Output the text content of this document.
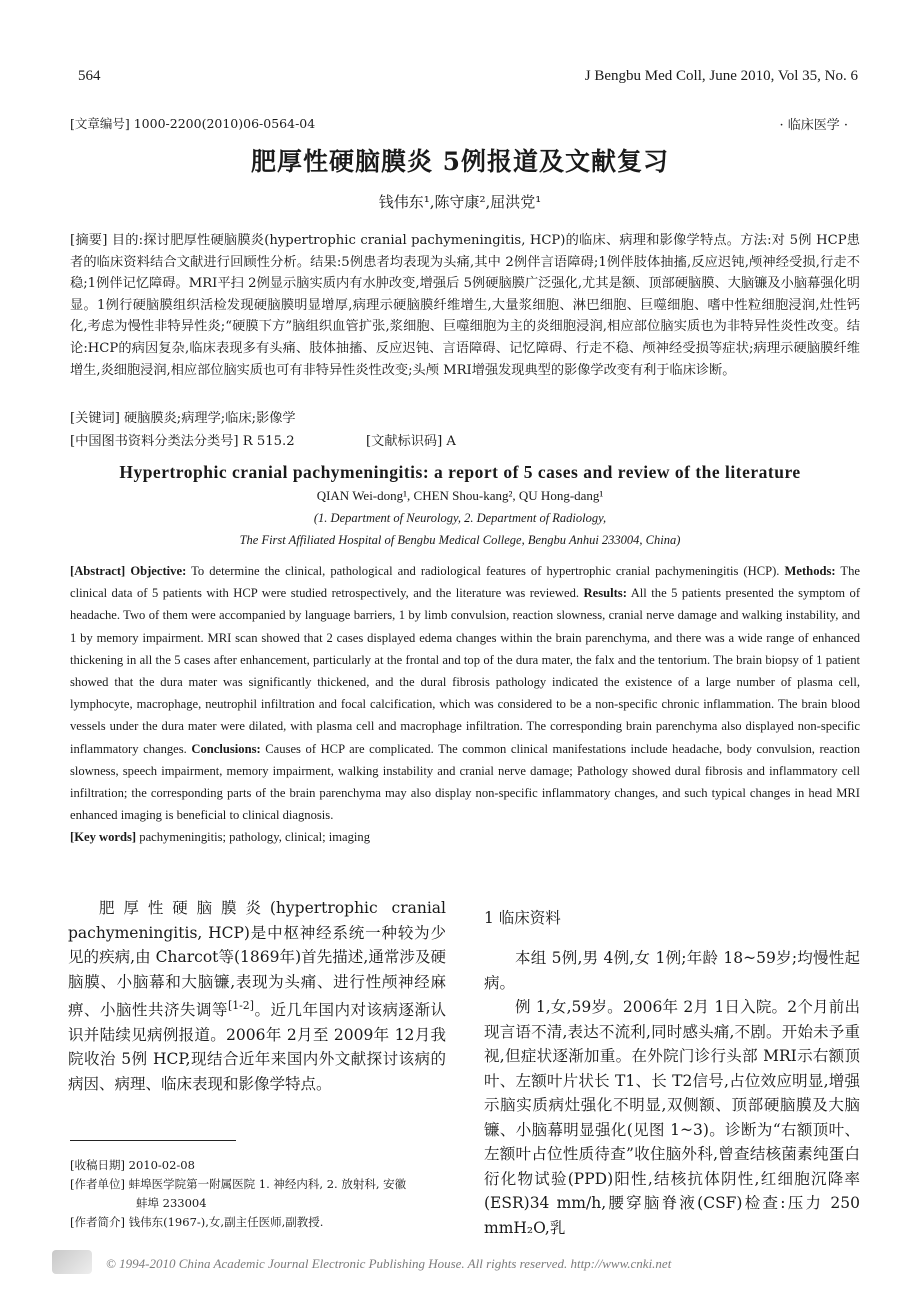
564	J Bengbu Med Coll, June 2010, Vol 35, No. 6
[文章编号] 1000-2200(2010)06-0564-04	· 临床医学 ·
肥厚性硬脑膜炎 5例报道及文献复习
钱伟东¹,陈守康²,屈洪党¹

[摘要] 目的:探讨肥厚性硬脑膜炎(hypertrophic cranial pachymeningitis, HCP)的临床、病理和影像学特点。方法:对 5例 HCP患者的临床资料结合文献进行回顾性分析。结果:5例患者均表现为头痛,其中 2例伴言语障碍;1例伴肢体抽搐,反应迟钝,颅神经受损,行走不稳;1例伴记忆障碍。MRI平扫 2例显示脑实质内有水肿改变,增强后 5例硬脑膜广泛强化,尤其是额、顶部硬脑膜、大脑镰及小脑幕强化明显。1例行硬脑膜组织活检发现硬脑膜明显增厚,病理示硬脑膜纤维增生,大量浆细胞、淋巴细胞、巨噬细胞、嗜中性粒细胞浸润,灶性钙化,考虑为慢性非特异性炎;“硬膜下方”脑组织血管扩张,浆细胞、巨噬细胞为主的炎细胞浸润,相应部位脑实质也为非特异性炎性改变。结论:HCP的病因复杂,临床表现多有头痛、肢体抽搐、反应迟钝、言语障碍、记忆障碍、行走不稳、颅神经受损等症状;病理示硬脑膜纤维增生,炎细胞浸润,相应部位脑实质也可有非特异性炎性改变;头颅 MRI增强发现典型的影像学改变有利于临床诊断。

[关键词] 硬脑膜炎;病理学;临床;影像学
[中国图书资料分类法分类号] R 515.2	[文献标识码] A
Hypertrophic cranial pachymeningitis: a report of 5 cases and review of the literature
QIAN Wei-dong¹, CHEN Shou-kang², QU Hong-dang¹
(1. Department of Neurology, 2. Department of Radiology,
The First Affiliated Hospital of Bengbu Medical College, Bengbu Anhui 233004, China)

[Abstract] Objective: To determine the clinical, pathological and radiological features of hypertrophic cranial pachymeningitis (HCP). Methods: The clinical data of 5 patients with HCP were studied retrospectively, and the literature was reviewed. Results: All the 5 patients presented the symptom of headache. Two of them were accompanied by language barriers, 1 by limb convulsion, reaction slowness, cranial nerve damage and walking instability, and 1 by memory impairment. MRI scan showed that 2 cases displayed edema changes within the brain parenchyma, and there was a wide range of enhanced thickening in all the 5 cases after enhancement, particularly at the frontal and top of the dura mater, the falx and the tentorium. The brain biopsy of 1 patient showed that the dura mater was significantly thickened, and the dural fibrosis pathology indicated the existence of a large number of plasma cell, lymphocyte, macrophage, neutrophil infiltration and focal calcification, which was considered to be a non-specific chronic inflammation. The brain blood vessels under the dura mater were dilated, with plasma cell and macrophage infiltration. The corresponding brain parenchyma also displayed non-specific inflammatory changes. Conclusions: Causes of HCP are complicated. The common clinical manifestations include headache, body convulsion, reaction slowness, speech impairment, memory impairment, walking instability and cranial nerve damage; Pathology showed dural fibrosis and inflammatory cell infiltration; the corresponding parts of the brain parenchyma may also display non-specific inflammatory changes, and such typical changes in head MRI enhanced imaging is beneficial to clinical diagnosis.

[Key words] pachymeningitis; pathology, clinical; imaging

肥厚性硬脑膜炎(hypertrophic cranial pachymeningitis, HCP)是中枢神经系统一种较为少见的疾病,由 Charcot等(1869年)首先描述,通常涉及硬脑膜、小脑幕和大脑镰,表现为头痛、进行性颅神经麻痹、小脑性共济失调等[1-2]。近几年国内对该病逐渐认识并陆续见病例报道。2006年 2月至 2009年 12月我院收治 5例 HCP,现结合近年来国内外文献探讨该病的病因、病理、临床表现和影像学特点。

[收稿日期] 2010-02-08
[作者单位] 蚌埠医学院第一附属医院 1. 神经内科, 2. 放射科, 安徽
蚌埠 233004
[作者简介] 钱伟东(1967-),女,副主任医师,副教授.
1 临床资料

本组 5例,男 4例,女 1例;年龄 18~59岁;均慢性起病。

例 1,女,59岁。2006年 2月 1日入院。2个月前出现言语不清,表达不流利,同时感头痛,不剧。开始未予重视,但症状逐渐加重。在外院门诊行头部 MRI示右额顶叶、左额叶片状长 T1、长 T2信号,占位效应明显,增强示脑实质病灶强化不明显,双侧额、顶部硬脑膜及大脑镰、小脑幕明显强化(见图 1~3)。诊断为“右额顶叶、左额叶占位性质待查”收住脑外科,曾查结核菌素纯蛋白衍化物试验(PPD)阳性,结核抗体阴性,红细胞沉降率(ESR)34 mm/h,腰穿脑脊液(CSF)检查:压力 250 mmH₂O,乳

© 1994-2010 China Academic Journal Electronic Publishing House. All rights reserved. http://www.cnki.net
